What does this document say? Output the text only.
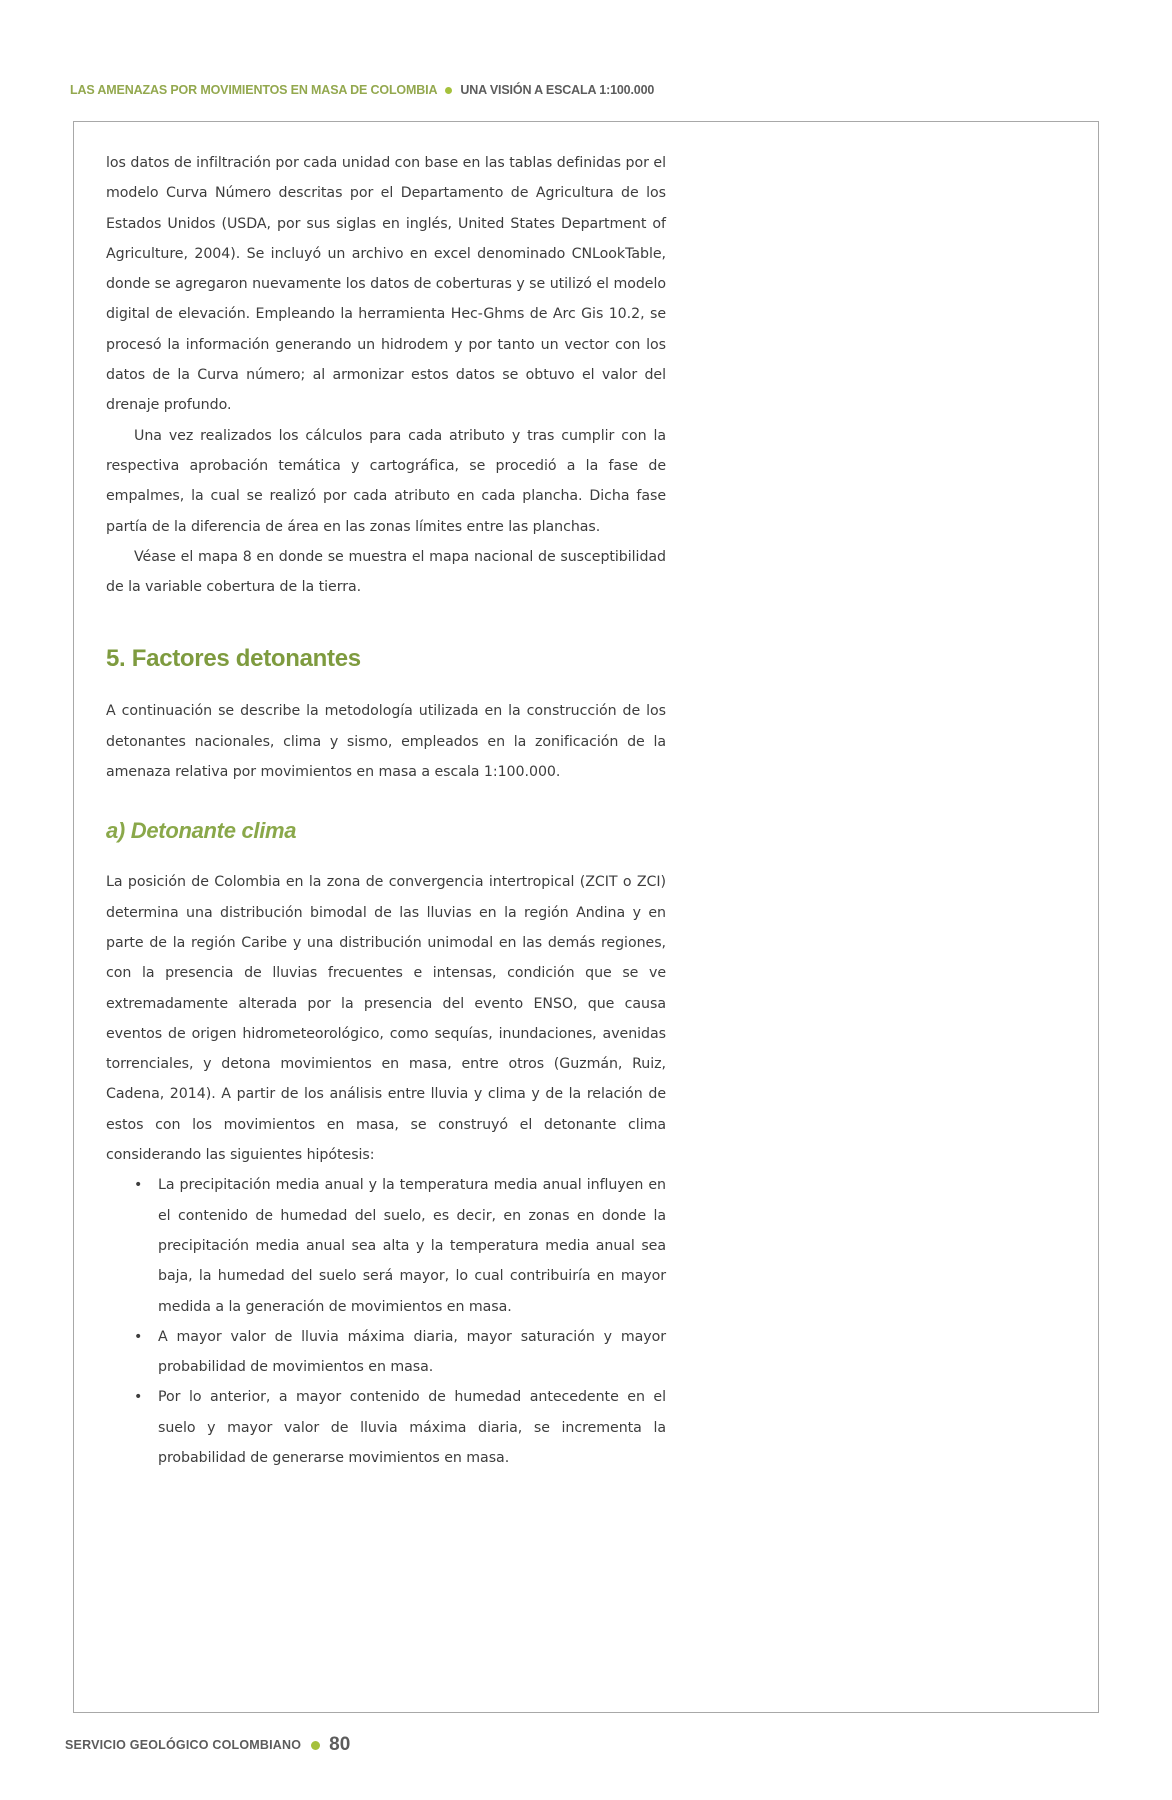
LAS AMENAZAS POR MOVIMIENTOS EN MASA DE COLOMBIA UNA VISIÓN A ESCALA 1:100.000

los datos de infiltración por cada unidad con base en las tablas definidas por el modelo Curva Número descritas por el Departamento de Agricultura de los Estados Unidos (USDA, por sus siglas en inglés, United States Department of Agriculture, 2004). Se incluyó un archivo en excel denominado CNLookTable, donde se agregaron nuevamente los datos de coberturas y se utilizó el modelo digital de elevación. Empleando la herramienta Hec-Ghms de Arc Gis 10.2, se procesó la información generando un hidrodem y por tanto un vector con los datos de la Curva número; al armonizar estos datos se obtuvo el valor del drenaje profundo.

Una vez realizados los cálculos para cada atributo y tras cumplir con la respectiva aprobación temática y cartográfica, se procedió a la fase de empalmes, la cual se realizó por cada atributo en cada plancha. Dicha fase partía de la diferencia de área en las zonas límites entre las planchas.

Véase el mapa 8 en donde se muestra el mapa nacional de susceptibilidad de la variable cobertura de la tierra.

5. Factores detonantes

A continuación se describe la metodología utilizada en la construcción de los detonantes nacionales, clima y sismo, empleados en la zonificación de la amenaza relativa por movimientos en masa a escala 1:100.000.

a) Detonante clima

La posición de Colombia en la zona de convergencia intertropical (ZCIT o ZCI) determina una distribución bimodal de las lluvias en la región Andina y en parte de la región Caribe y una distribución unimodal en las demás regiones, con la presencia de lluvias frecuentes e intensas, condición que se ve extremadamente alterada por la presencia del evento ENSO, que causa eventos de origen hidrometeorológico, como sequías, inundaciones, avenidas torrenciales, y detona movimientos en masa, entre otros (Guzmán, Ruiz, Cadena, 2014). A partir de los análisis entre lluvia y clima y de la relación de estos con los movimientos en masa, se construyó el detonante clima considerando las siguientes hipótesis:

• La precipitación media anual y la temperatura media anual influyen en el contenido de humedad del suelo, es decir, en zonas en donde la precipitación media anual sea alta y la temperatura media anual sea baja, la humedad del suelo será mayor, lo cual contribuiría en mayor medida a la generación de movimientos en masa.
• A mayor valor de lluvia máxima diaria, mayor saturación y mayor probabilidad de movimientos en masa.
• Por lo anterior, a mayor contenido de humedad antecedente en el suelo y mayor valor de lluvia máxima diaria, se incrementa la probabilidad de generarse movimientos en masa.
SERVICIO GEOLÓGICO COLOMBIANO 80
